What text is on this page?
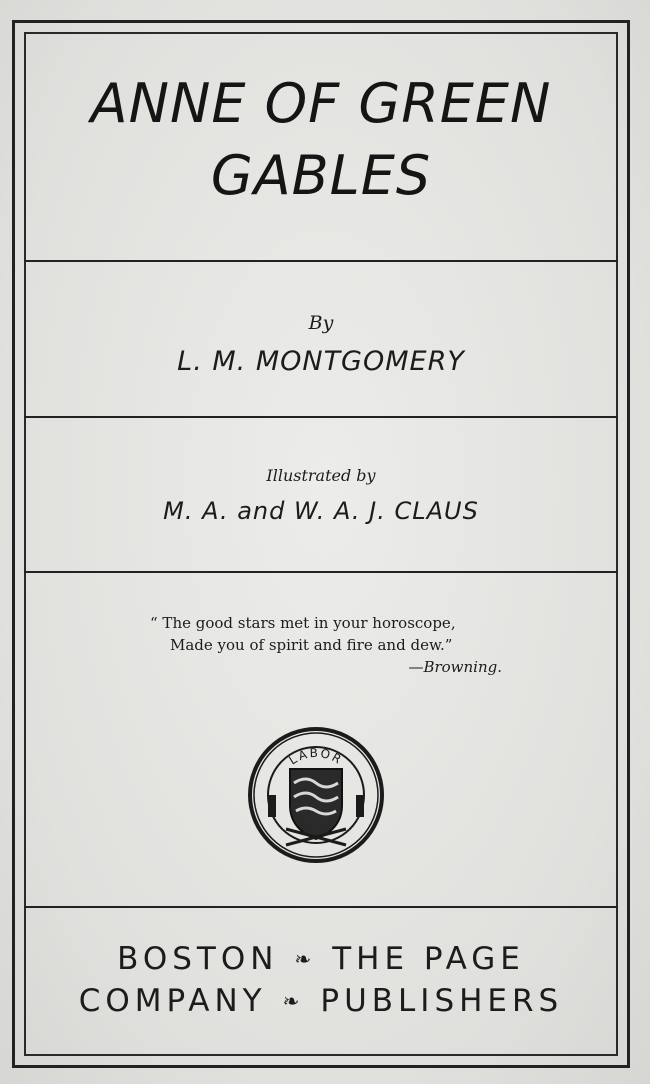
ANNE OF GREEN

GABLES

By

L. M. MONTGOMERY

Illustrated by

M. A. and W. A. J. CLAUS

“ The good stars met in your horoscope,
Made you of spirit and fire and dew.”
—Browning.
LABOR
BOSTON ❧ THE PAGE
COMPANY ❧ PUBLISHERS
